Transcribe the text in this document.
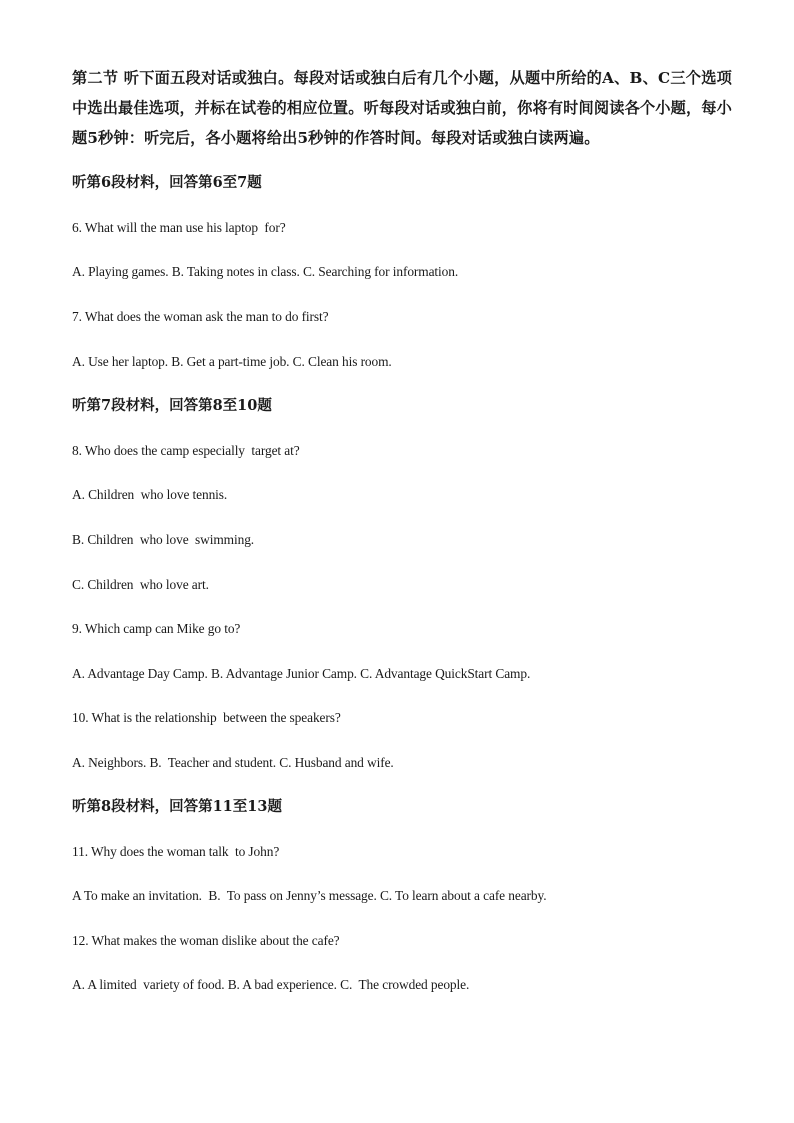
第二节 听下面五段对话或独白。每段对话或独白后有几个小题，从题中所给的A、B、C三个选项中选出最佳选项，并标在试卷的相应位置。听每段对话或独白前，你将有时间阅读各个小题，每小题5秒钟：听完后，各小题将给出5秒钟的作答时间。每段对话或独白读两遍。
听第6段材料，回答第6至7题
6. What will the man use his laptop  for?
A. Playing games. B. Taking notes in class. C. Searching for information.
7. What does the woman ask the man to do first?
A. Use her laptop. B. Get a part-time job. C. Clean his room.
听第7段材料，回答第8至10题
8. Who does the camp especially  target at?
A. Children  who love tennis.
B. Children  who love  swimming.
C. Children  who love art.
9. Which camp can Mike go to?
A. Advantage Day Camp. B. Advantage Junior Camp. C. Advantage QuickStart Camp.
10. What is the relationship  between the speakers?
A. Neighbors. B.  Teacher and student. C. Husband and wife.
听第8段材料，回答第11至13题
11. Why does the woman talk  to John?
A To make an invitation.  B.  To pass on Jenny’s message. C. To learn about a cafe nearby.
12. What makes the woman dislike about the cafe?
A. A limited  variety of food. B. A bad experience. C.  The crowded people.
